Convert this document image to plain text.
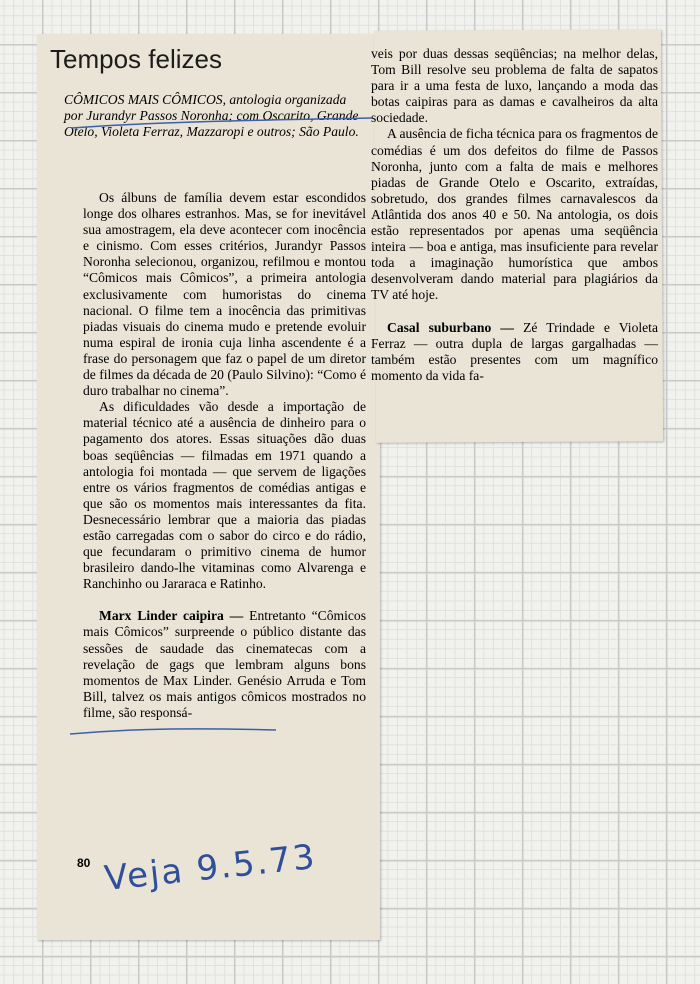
Tempos felizes

CÔMICOS MAIS CÔMICOS, antologia organizada por Jurandyr Passos Noronha; com Oscarito, Grande Otelo, Violeta Ferraz, Mazzaropi e outros; São Paulo.

Os álbuns de família devem estar escondidos longe dos olhares estranhos. Mas, se for inevitável sua amostragem, ela deve acontecer com inocência e cinismo. Com esses critérios, Jurandyr Passos Noronha selecionou, organizou, refilmou e montou “Cômicos mais Cômicos”, a primeira antologia exclusivamente com humoristas do cinema nacional. O filme tem a inocência das primitivas piadas visuais do cinema mudo e pretende evoluir numa espiral de ironia cuja linha ascendente é a frase do personagem que faz o papel de um diretor de filmes da década de 20 (Paulo Silvino): “Como é duro trabalhar no cinema”.

As dificuldades vão desde a importação de material técnico até a ausência de dinheiro para o pagamento dos atores. Essas situações dão duas boas seqüências — filmadas em 1971 quando a antologia foi montada — que servem de ligações entre os vários fragmentos de comédias antigas e que são os momentos mais interessantes da fita. Desnecessário lembrar que a maioria das piadas estão carregadas com o sabor do circo e do rádio, que fecundaram o primitivo cinema de humor brasileiro dando-lhe vitaminas como Alvarenga e Ranchinho ou Jararaca e Ratinho.

Marx Linder caipira — Entretanto “Cômicos mais Cômicos” surpreende o público distante das sessões de saudade das cinematecas com a revelação de gags que lembram alguns bons momentos de Max Linder. Genésio Arruda e Tom Bill, talvez os mais antigos cômicos mostrados no filme, são responsá-

veis por duas dessas seqüências; na melhor delas, Tom Bill resolve seu problema de falta de sapatos para ir a uma festa de luxo, lançando a moda das botas caipiras para as damas e cavalheiros da alta sociedade.

A ausência de ficha técnica para os fragmentos de comédias é um dos defeitos do filme de Passos Noronha, junto com a falta de mais e melhores piadas de Grande Otelo e Oscarito, extraídas, sobretudo, dos grandes filmes carnavalescos da Atlântida dos anos 40 e 50. Na antologia, os dois estão representados por apenas uma seqüência inteira — boa e antiga, mas insuficiente para revelar toda a imaginação humorística que ambos desenvolveram dando material para plagiários da TV até hoje.

Casal suburbano — Zé Trindade e Violeta Ferraz — outra dupla de largas gargalhadas — também estão presentes com um magnífico momento da vida fa-

80 Veja 9.5.73
